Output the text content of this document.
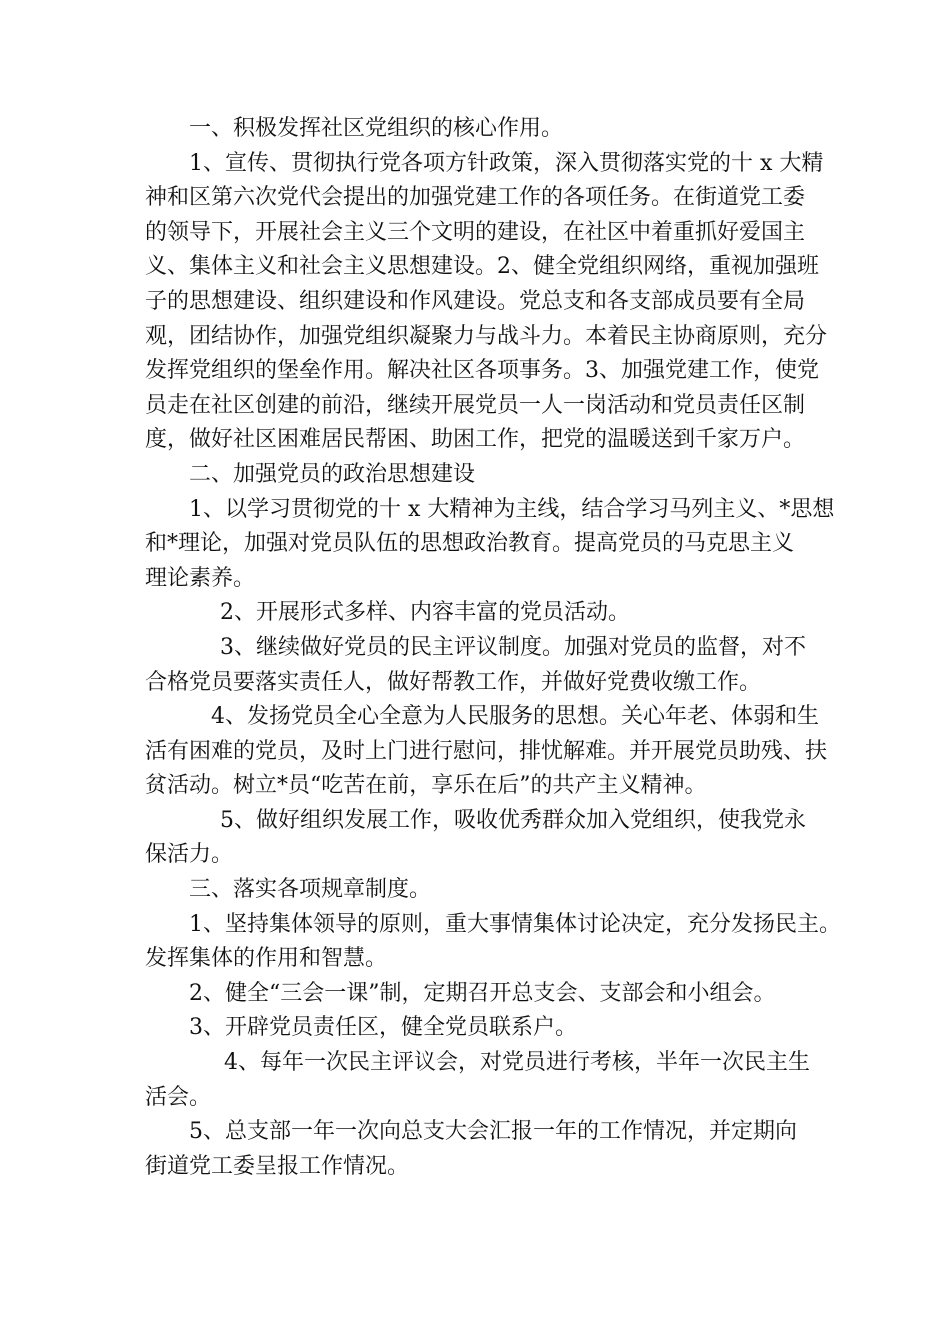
一、积极发挥社区党组织的核心作用。
1、宣传、贯彻执行党各项方针政策，深入贯彻落实党的十 x 大精
神和区第六次党代会提出的加强党建工作的各项任务。在街道党工委
的领导下，开展社会主义三个文明的建设，在社区中着重抓好爱国主
义、集体主义和社会主义思想建设。2、健全党组织网络，重视加强班
子的思想建设、组织建设和作风建设。党总支和各支部成员要有全局
观，团结协作，加强党组织凝聚力与战斗力。本着民主协商原则，充分
发挥党组织的堡垒作用。解决社区各项事务。3、加强党建工作，使党
员走在社区创建的前沿，继续开展党员一人一岗活动和党员责任区制
度，做好社区困难居民帮困、助困工作，把党的温暖送到千家万户。
二、加强党员的政治思想建设
1、以学习贯彻党的十 x 大精神为主线，结合学习马列主义、*思想
和*理论，加强对党员队伍的思想政治教育。提高党员的马克思主义
理论素养。
2、开展形式多样、内容丰富的党员活动。
3、继续做好党员的民主评议制度。加强对党员的监督，对不
合格党员要落实责任人，做好帮教工作，并做好党费收缴工作。
4、发扬党员全心全意为人民服务的思想。关心年老、体弱和生
活有困难的党员，及时上门进行慰问，排忧解难。并开展党员助残、扶
贫活动。树立*员“吃苦在前，享乐在后”的共产主义精神。
5、做好组织发展工作，吸收优秀群众加入党组织，使我党永
保活力。
三、落实各项规章制度。
1、坚持集体领导的原则，重大事情集体讨论决定，充分发扬民主。
发挥集体的作用和智慧。
2、健全“三会一课”制，定期召开总支会、支部会和小组会。
3、开辟党员责任区，健全党员联系户。
4、每年一次民主评议会，对党员进行考核，半年一次民主生
活会。
5、总支部一年一次向总支大会汇报一年的工作情况，并定期向
街道党工委呈报工作情况。
